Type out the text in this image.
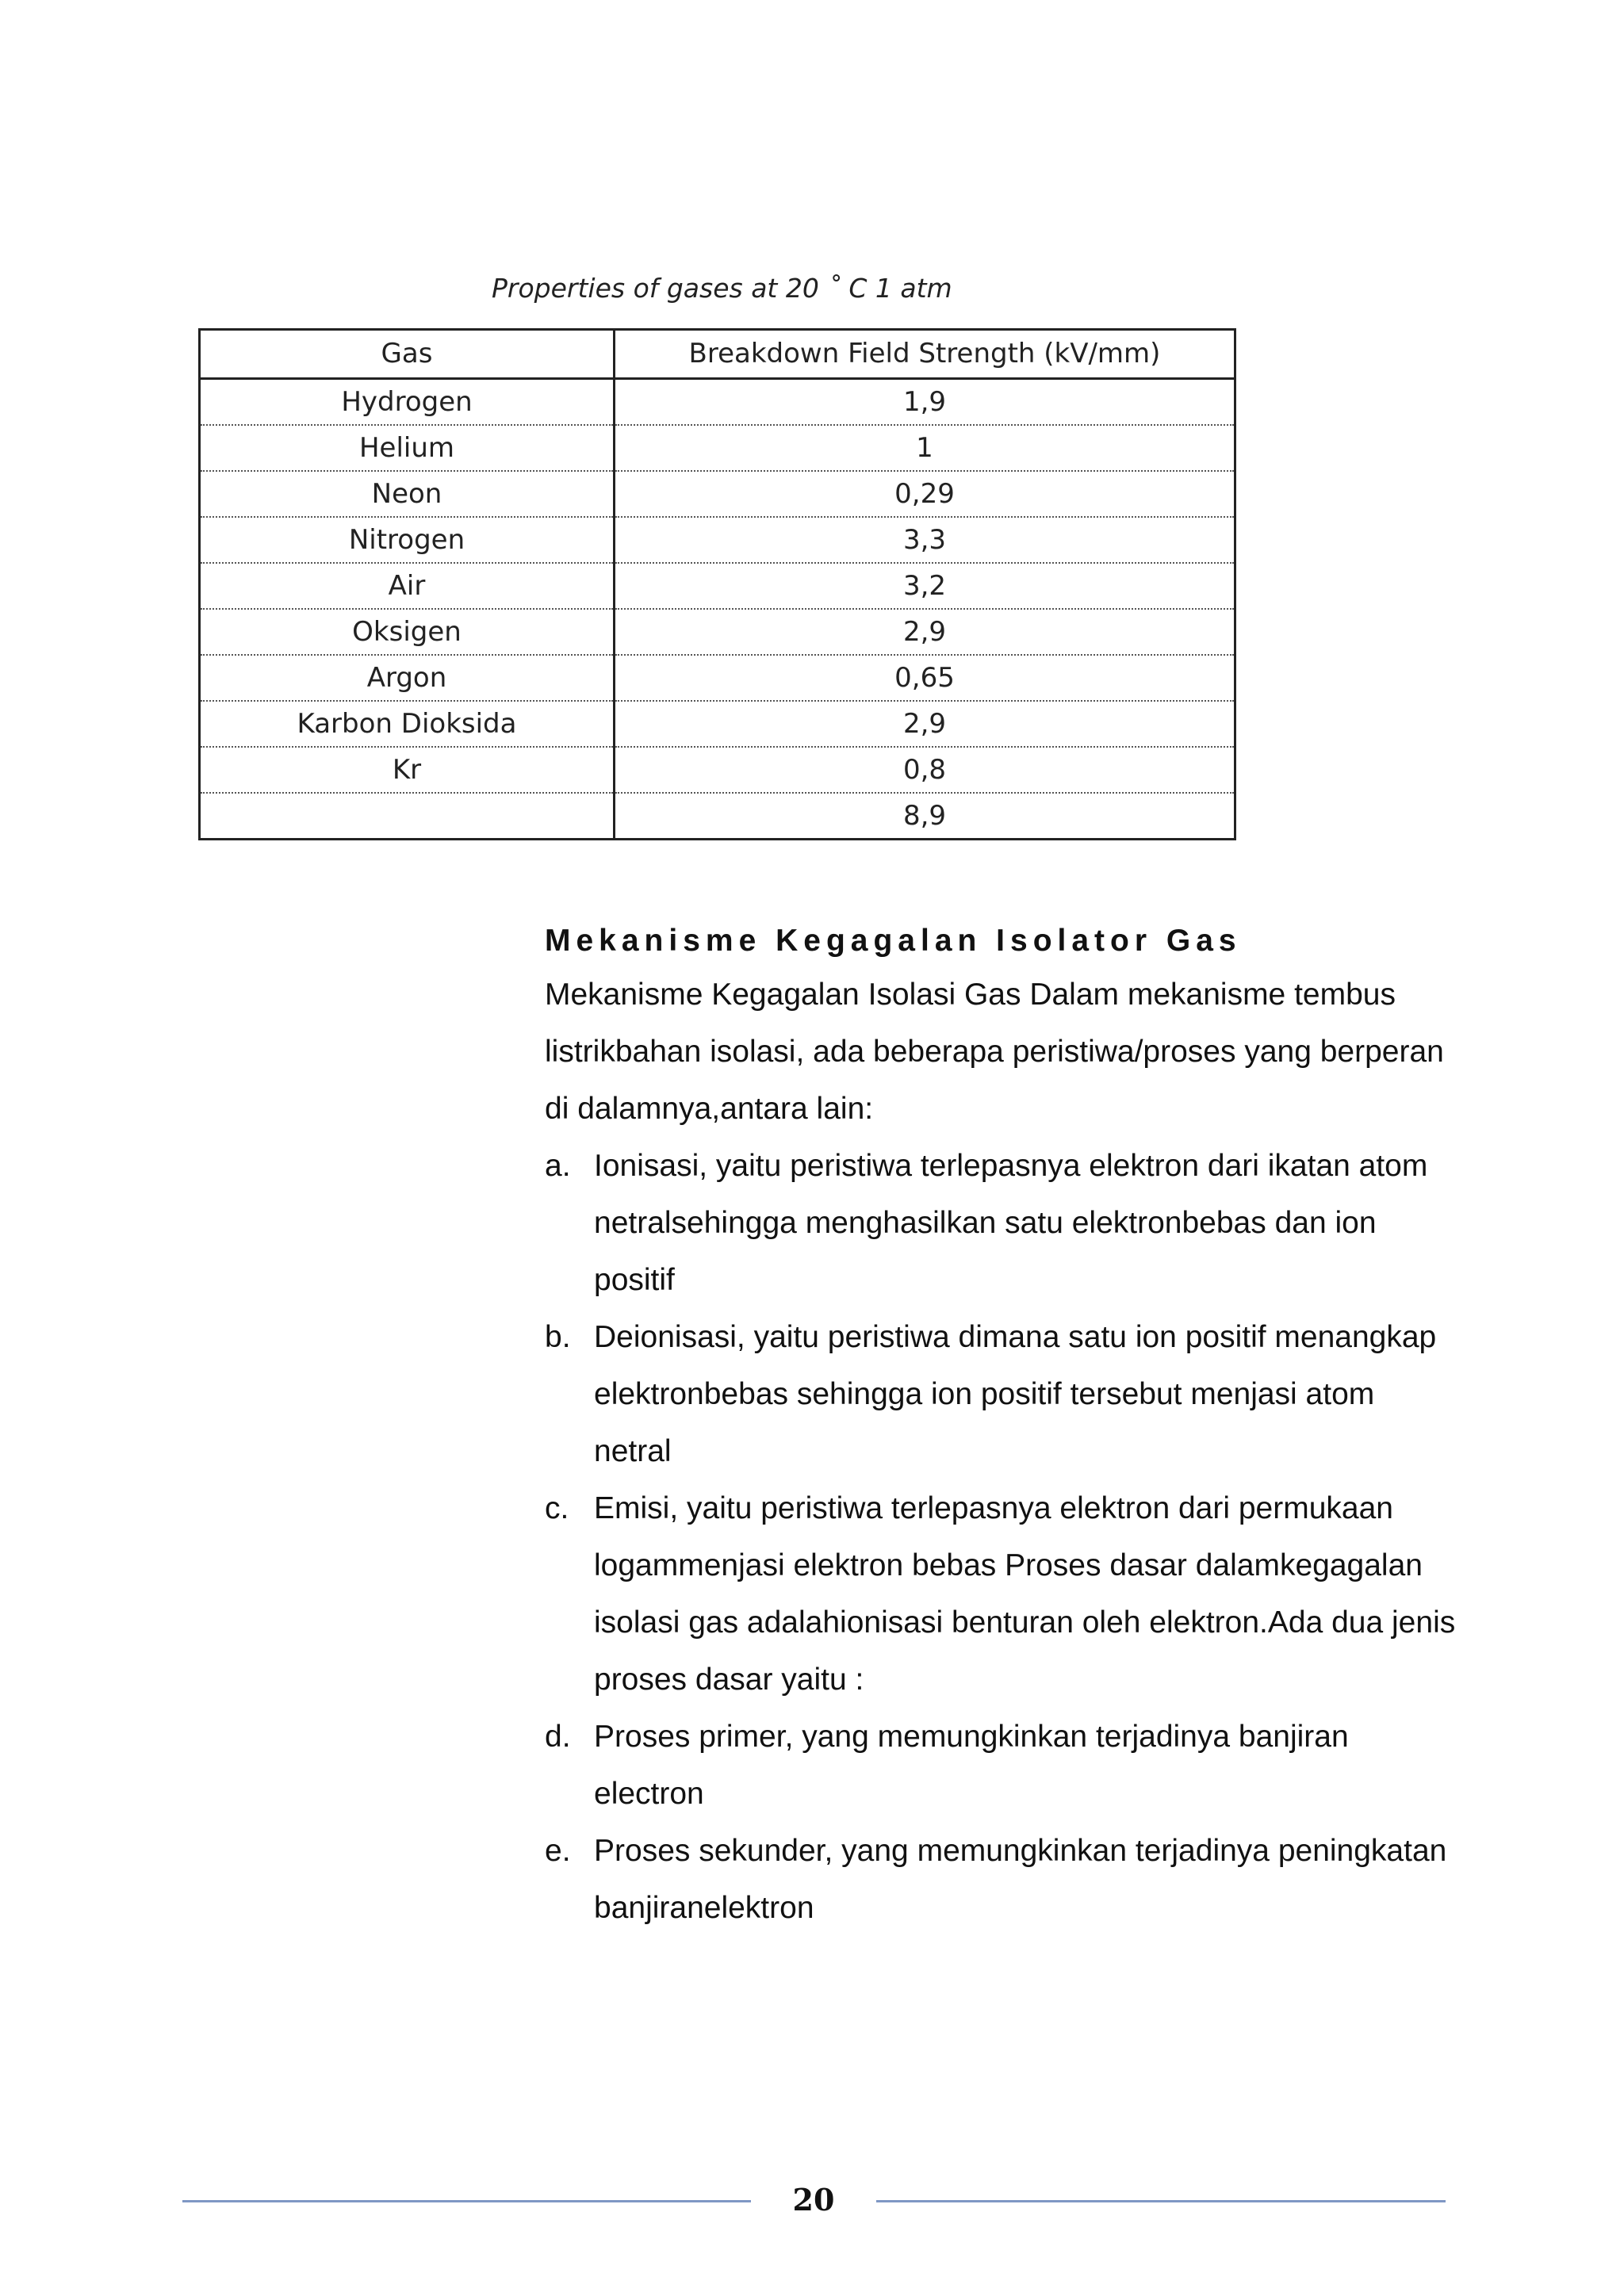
Properties of gases at 20 ˚ C 1 atm
Gas	Breakdown Field Strength (kV/mm)
Hydrogen	1,9
Helium	1
Neon	0,29
Nitrogen	3,3
Air	3,2
Oksigen	2,9
Argon	0,65
Karbon Dioksida	2,9
Kr	0,8
	8,9
Mekanisme Kegagalan Isolator Gas

Mekanisme Kegagalan Isolasi Gas Dalam mekanisme tembus listrikbahan isolasi, ada beberapa peristiwa/proses yang berperan di dalamnya,antara lain:

a. Ionisasi, yaitu peristiwa terlepasnya elektron dari ikatan atom netralsehingga menghasilkan satu elektronbebas dan ion positif
b. Deionisasi, yaitu peristiwa dimana satu ion positif menangkap elektronbebas sehingga ion positif tersebut menjasi atom netral
c. Emisi, yaitu peristiwa terlepasnya elektron dari permukaan logammenjasi elektron bebas Proses dasar dalamkegagalan isolasi gas adalahionisasi benturan oleh elektron.Ada dua jenis proses dasar yaitu :
d. Proses primer, yang memungkinkan terjadinya banjiran electron
e. Proses sekunder, yang memungkinkan terjadinya peningkatan banjiranelektron
20
